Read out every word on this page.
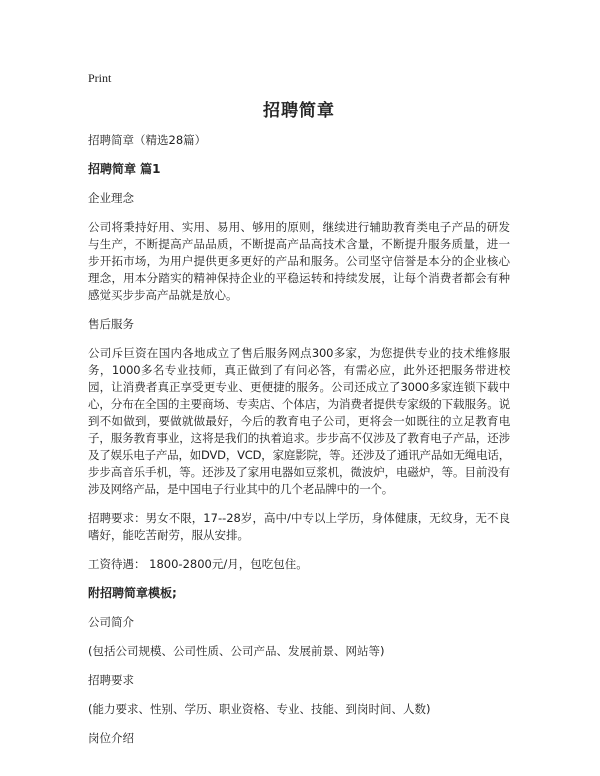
Print
招聘简章

招聘简章（精选28篇）

招聘简章 篇1

企业理念

公司将秉持好用、实用、易用、够用的原则，继续进行辅助教育类电子产品的研发与生产，不断提高产品品质，不断提高产品高技术含量，不断提升服务质量，进一步开拓市场，为用户提供更多更好的产品和服务。公司坚守信誉是本分的企业核心理念，用本分踏实的精神保持企业的平稳运转和持续发展，让每个消费者都会有种感觉买步步高产品就是放心。

售后服务

公司斥巨资在国内各地成立了售后服务网点300多家，为您提供专业的技术维修服务，1000多名专业技师，真正做到了有问必答，有需必应，此外还把服务带进校园，让消费者真正享受更专业、更便捷的服务。公司还成立了3000多家连锁下载中心，分布在全国的主要商场、专卖店、个体店，为消费者提供专家级的下载服务。说到不如做到，要做就做最好，今后的教育电子公司，更将会一如既往的立足教育电子，服务教育事业，这将是我们的执着追求。步步高不仅涉及了教育电子产品，还涉及了娱乐电子产品，如DVD，VCD，家庭影院，等。还涉及了通讯产品如无绳电话，步步高音乐手机，等。还涉及了家用电器如豆浆机，微波炉，电磁炉，等。目前没有涉及网络产品，是中国电子行业其中的几个老品牌中的一个。

招聘要求：男女不限，17--28岁，高中/中专以上学历，身体健康，无纹身，无不良嗜好，能吃苦耐劳，服从安排。

工资待遇： 1800-2800元/月，包吃包住。

附招聘简章模板;

公司简介

(包括公司规模、公司性质、公司产品、发展前景、网站等)

招聘要求

(能力要求、性别、学历、职业资格、专业、技能、到岗时间、人数)

岗位介绍
